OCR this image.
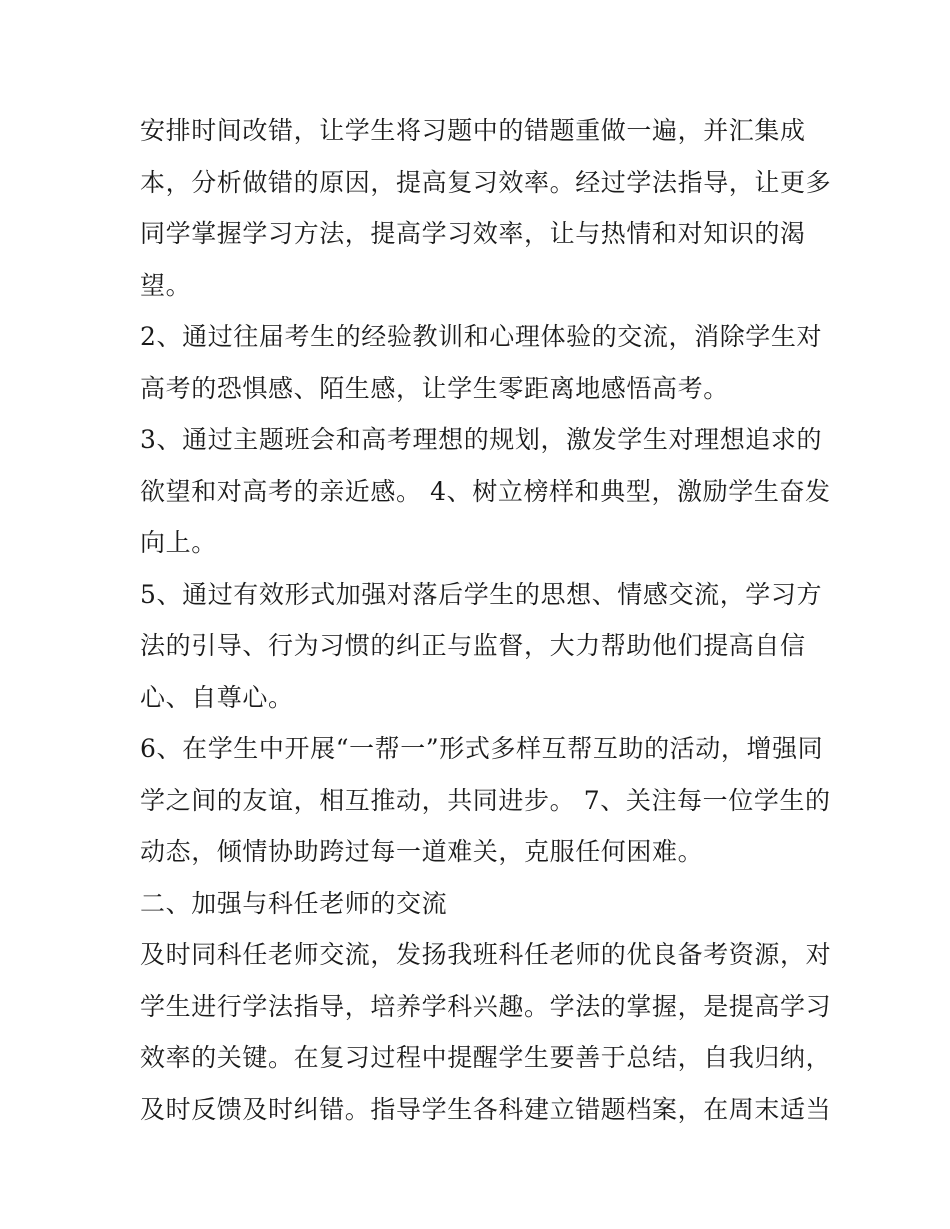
安排时间改错，让学生将习题中的错题重做一遍，并汇集成
本，分析做错的原因，提高复习效率。经过学法指导，让更多
同学掌握学习方法，提高学习效率，让与热情和对知识的渴
望。
2、通过往届考生的经验教训和心理体验的交流，消除学生对
高考的恐惧感、陌生感，让学生零距离地感悟高考。
3、通过主题班会和高考理想的规划，激发学生对理想追求的
欲望和对高考的亲近感。 4、树立榜样和典型，激励学生奋发
向上。
5、通过有效形式加强对落后学生的思想、情感交流，学习方
法的引导、行为习惯的纠正与监督，大力帮助他们提高自信
心、自尊心。
6、在学生中开展“一帮一”形式多样互帮互助的活动，增强同
学之间的友谊，相互推动，共同进步。 7、关注每一位学生的
动态，倾情协助跨过每一道难关，克服任何困难。
二、加强与科任老师的交流
及时同科任老师交流，发扬我班科任老师的优良备考资源，对
学生进行学法指导，培养学科兴趣。学法的掌握，是提高学习
效率的关键。在复习过程中提醒学生要善于总结，自我归纳，
及时反馈及时纠错。指导学生各科建立错题档案，在周末适当
